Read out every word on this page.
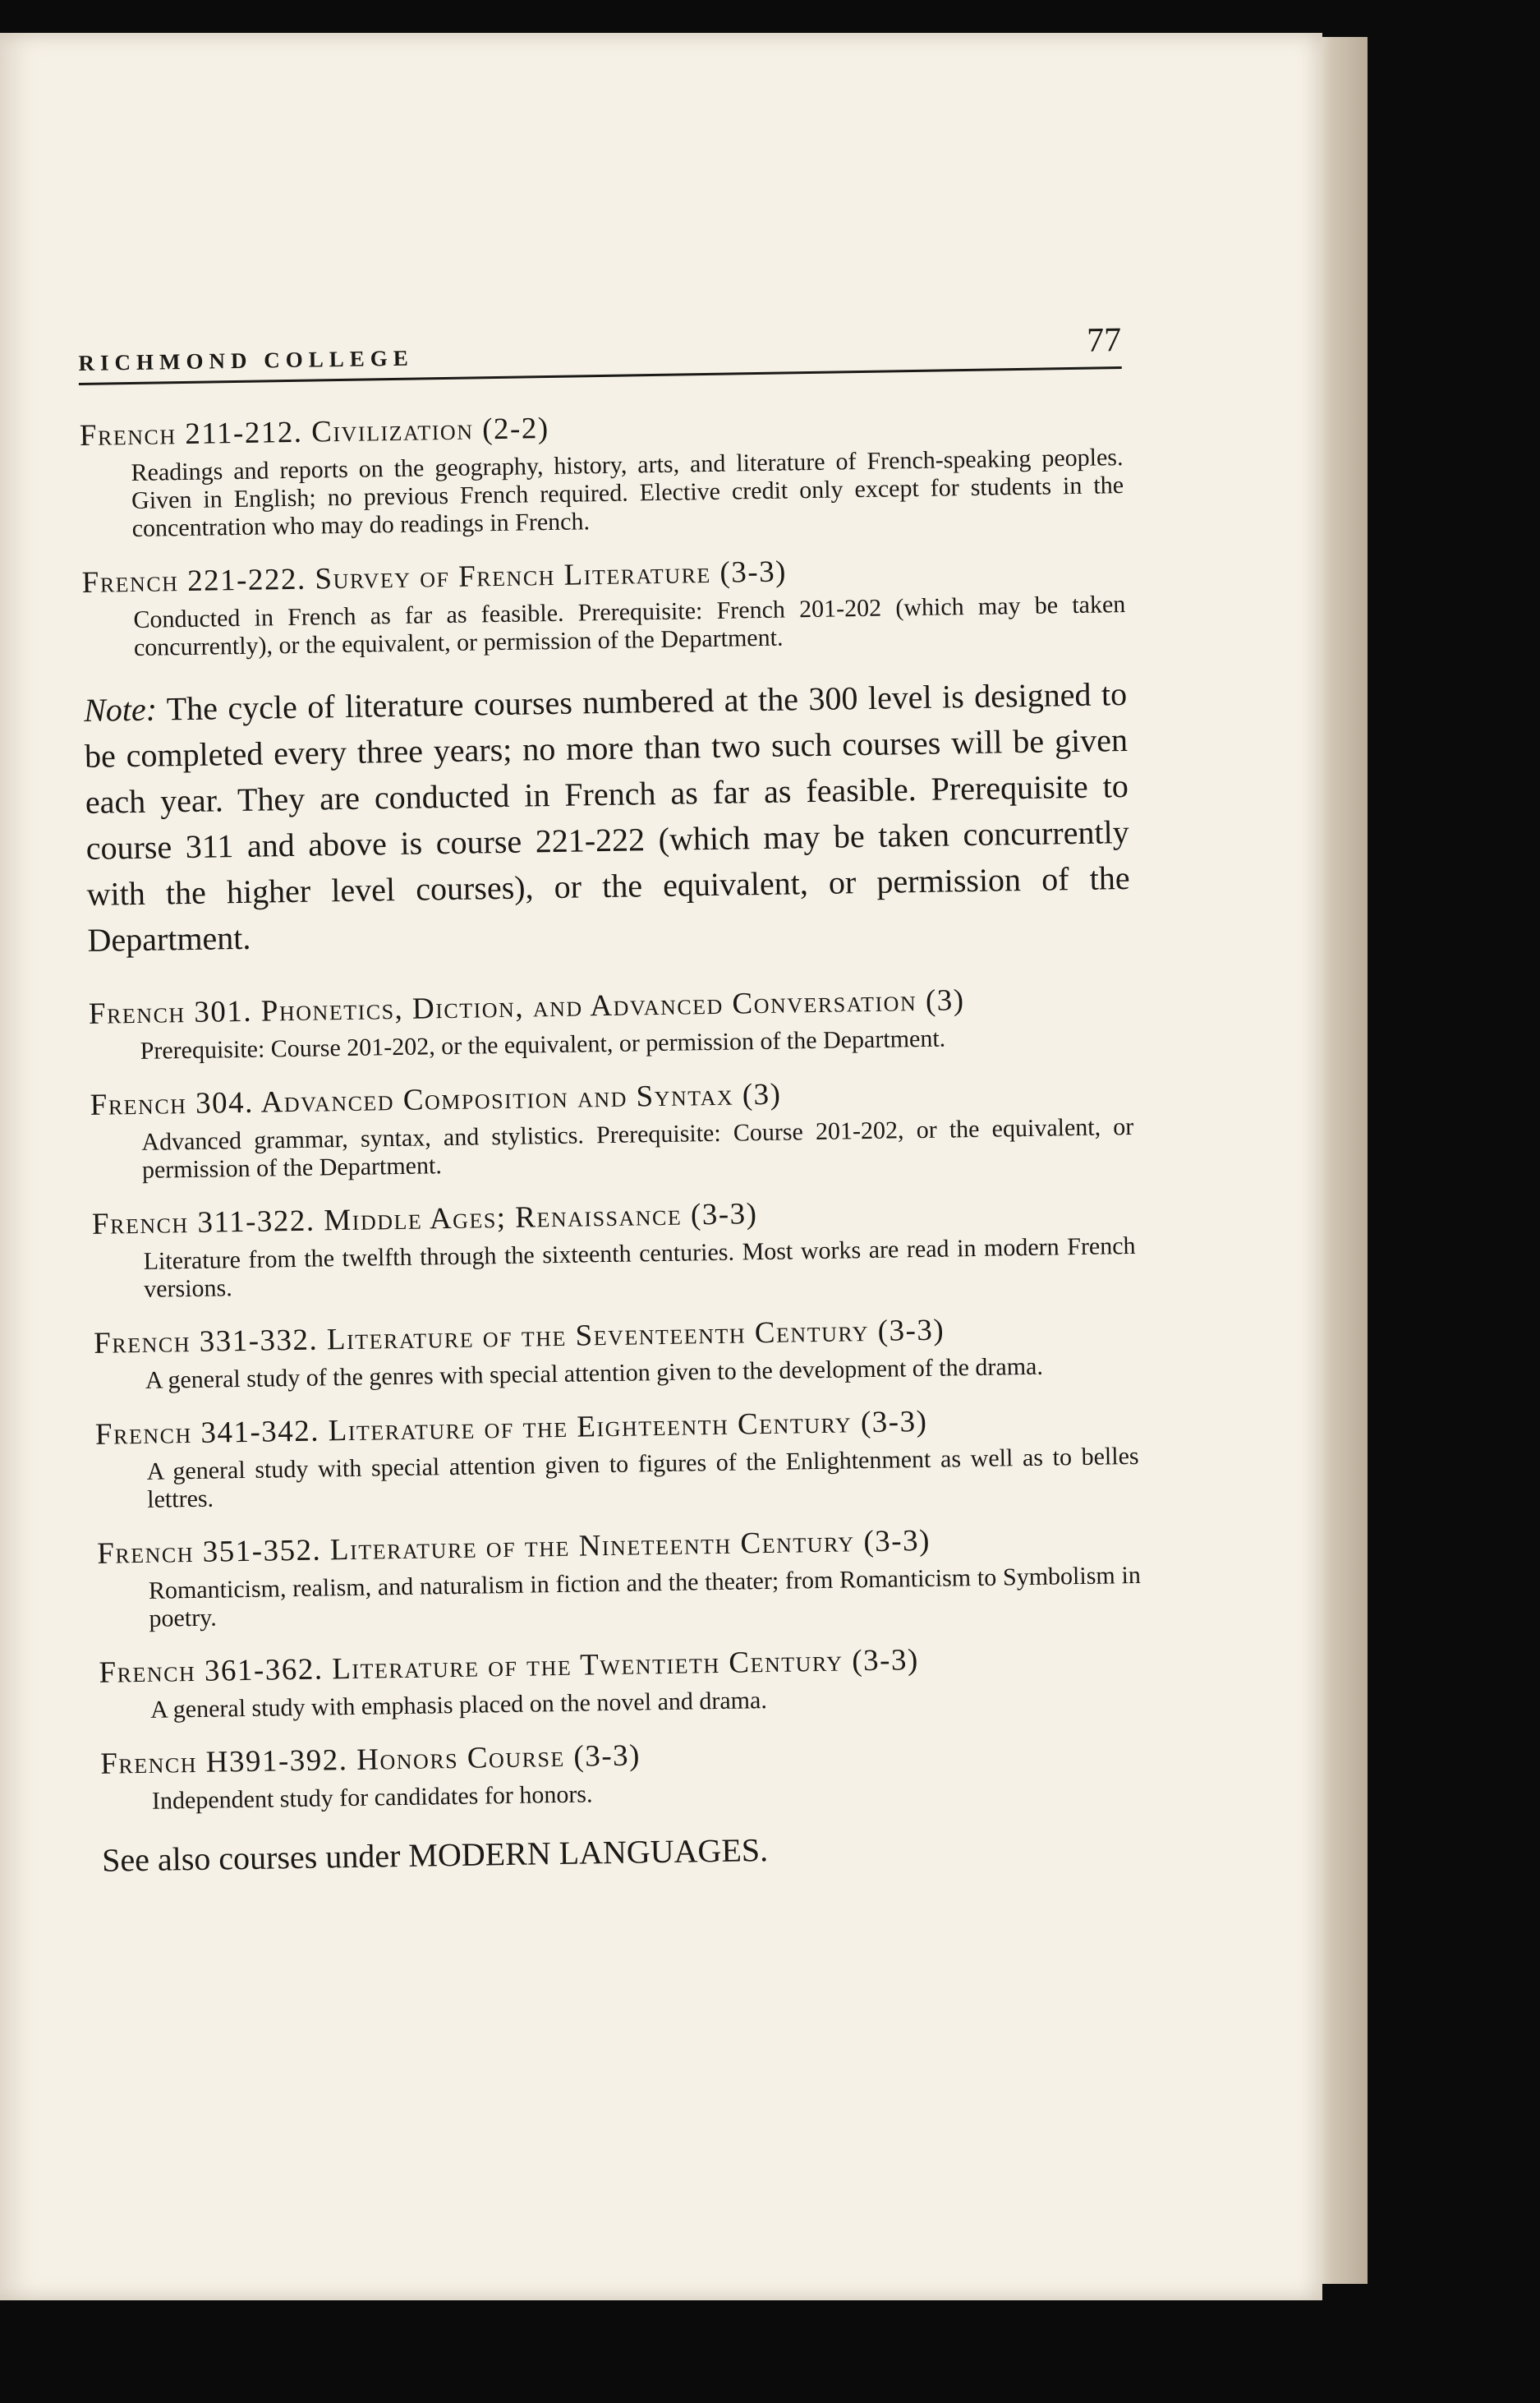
RICHMOND COLLEGE
77
French 211-212. Civilization (2-2)
Readings and reports on the geography, history, arts, and literature of French-speaking peoples. Given in English; no previous French required. Elective credit only except for students in the concentration who may do readings in French.
French 221-222. Survey of French Literature (3-3)
Conducted in French as far as feasible. Prerequisite: French 201-202 (which may be taken concurrently), or the equivalent, or permission of the Department.
Note: The cycle of literature courses numbered at the 300 level is designed to be completed every three years; no more than two such courses will be given each year. They are conducted in French as far as feasible. Prerequisite to course 311 and above is course 221-222 (which may be taken concurrently with the higher level courses), or the equivalent, or permission of the Department.
French 301. Phonetics, Diction, and Advanced Conversation (3)
Prerequisite: Course 201-202, or the equivalent, or permission of the Department.
French 304. Advanced Composition and Syntax (3)
Advanced grammar, syntax, and stylistics. Prerequisite: Course 201-202, or the equivalent, or permission of the Department.
French 311-322. Middle Ages; Renaissance (3-3)
Literature from the twelfth through the sixteenth centuries. Most works are read in modern French versions.
French 331-332. Literature of the Seventeenth Century (3-3)
A general study of the genres with special attention given to the development of the drama.
French 341-342. Literature of the Eighteenth Century (3-3)
A general study with special attention given to figures of the Enlightenment as well as to belles lettres.
French 351-352. Literature of the Nineteenth Century (3-3)
Romanticism, realism, and naturalism in fiction and the theater; from Romanticism to Symbolism in poetry.
French 361-362. Literature of the Twentieth Century (3-3)
A general study with emphasis placed on the novel and drama.
French H391-392. Honors Course (3-3)
Independent study for candidates for honors.
See also courses under MODERN LANGUAGES.
